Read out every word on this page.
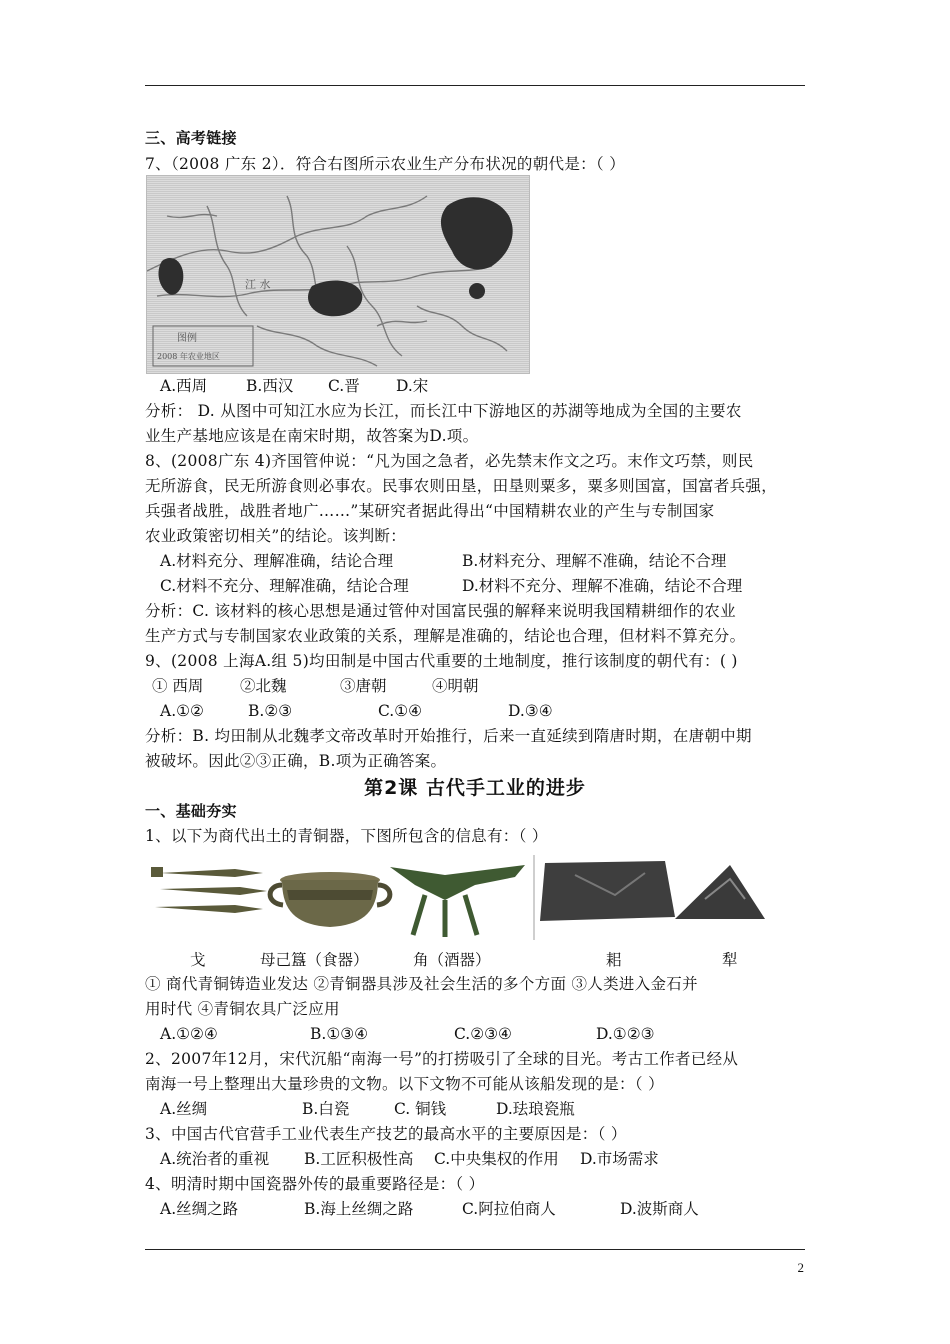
三、高考链接
7、（2008 广东 2）．符合右图所示农业生产分布状况的朝代是：（ ）
江 水
图例
2008 年农业地区
A.西周	B.西汉 C.晋 D.宋
分析： D. 从图中可知江水应为长江，而长江中下游地区的苏湖等地成为全国的主要农
业生产基地应该是在南宋时期，故答案为D.项。
8、(2008广东 4)齐国管仲说：“凡为国之急者，必先禁末作文之巧。末作文巧禁，则民
无所游食，民无所游食则必事农。民事农则田垦，田垦则粟多，粟多则国富，国富者兵强，
兵强者战胜，战胜者地广……”某研究者据此得出“中国精耕农业的产生与专制国家
农业政策密切相关”的结论。该判断：
A.材料充分、理解准确，结论合理	B.材料充分、理解不准确，结论不合理
C.材料不充分、理解准确，结论合理	D.材料不充分、理解不准确，结论不合理
分析：C. 该材料的核心思想是通过管仲对国富民强的解释来说明我国精耕细作的农业
生产方式与专制国家农业政策的关系，理解是准确的，结论也合理，但材料不算充分。
9、(2008 上海A.组 5)均田制是中国古代重要的土地制度，推行该制度的朝代有：( )
① 西周 ②北魏	③唐朝	④明朝
A.①②	B.②③	C.①④	D.③④
分析：B. 均田制从北魏孝文帝改革时开始推行，后来一直延续到隋唐时期，在唐朝中期
被破坏。因此②③正确，B.项为正确答案。
第2课 古代手工业的进步
一、基础夯实
1、以下为商代出土的青铜器，下图所包含的信息有：（ ）
戈	母己簋（食器）	角（酒器）	耜	犁
① 商代青铜铸造业发达 ②青铜器具涉及社会生活的多个方面 ③人类进入金石并
用时代 ④青铜农具广泛应用
A.①②④	B.①③④	C.②③④	D.①②③
2、2007年12月，宋代沉船“南海一号”的打捞吸引了全球的目光。考古工作者已经从
南海一号上整理出大量珍贵的文物。以下文物不可能从该船发现的是：（ ）
A.丝绸	B.白瓷	C. 铜钱	D.珐琅瓷瓶
3、中国古代官营手工业代表生产技艺的最高水平的主要原因是：（ ）
A.统治者的重视 B.工匠积极性高 C.中央集权的作用 D.市场需求
4、明清时期中国瓷器外传的最重要路径是：（ ）
A.丝绸之路	B.海上丝绸之路	C.阿拉伯商人	D.波斯商人
2
